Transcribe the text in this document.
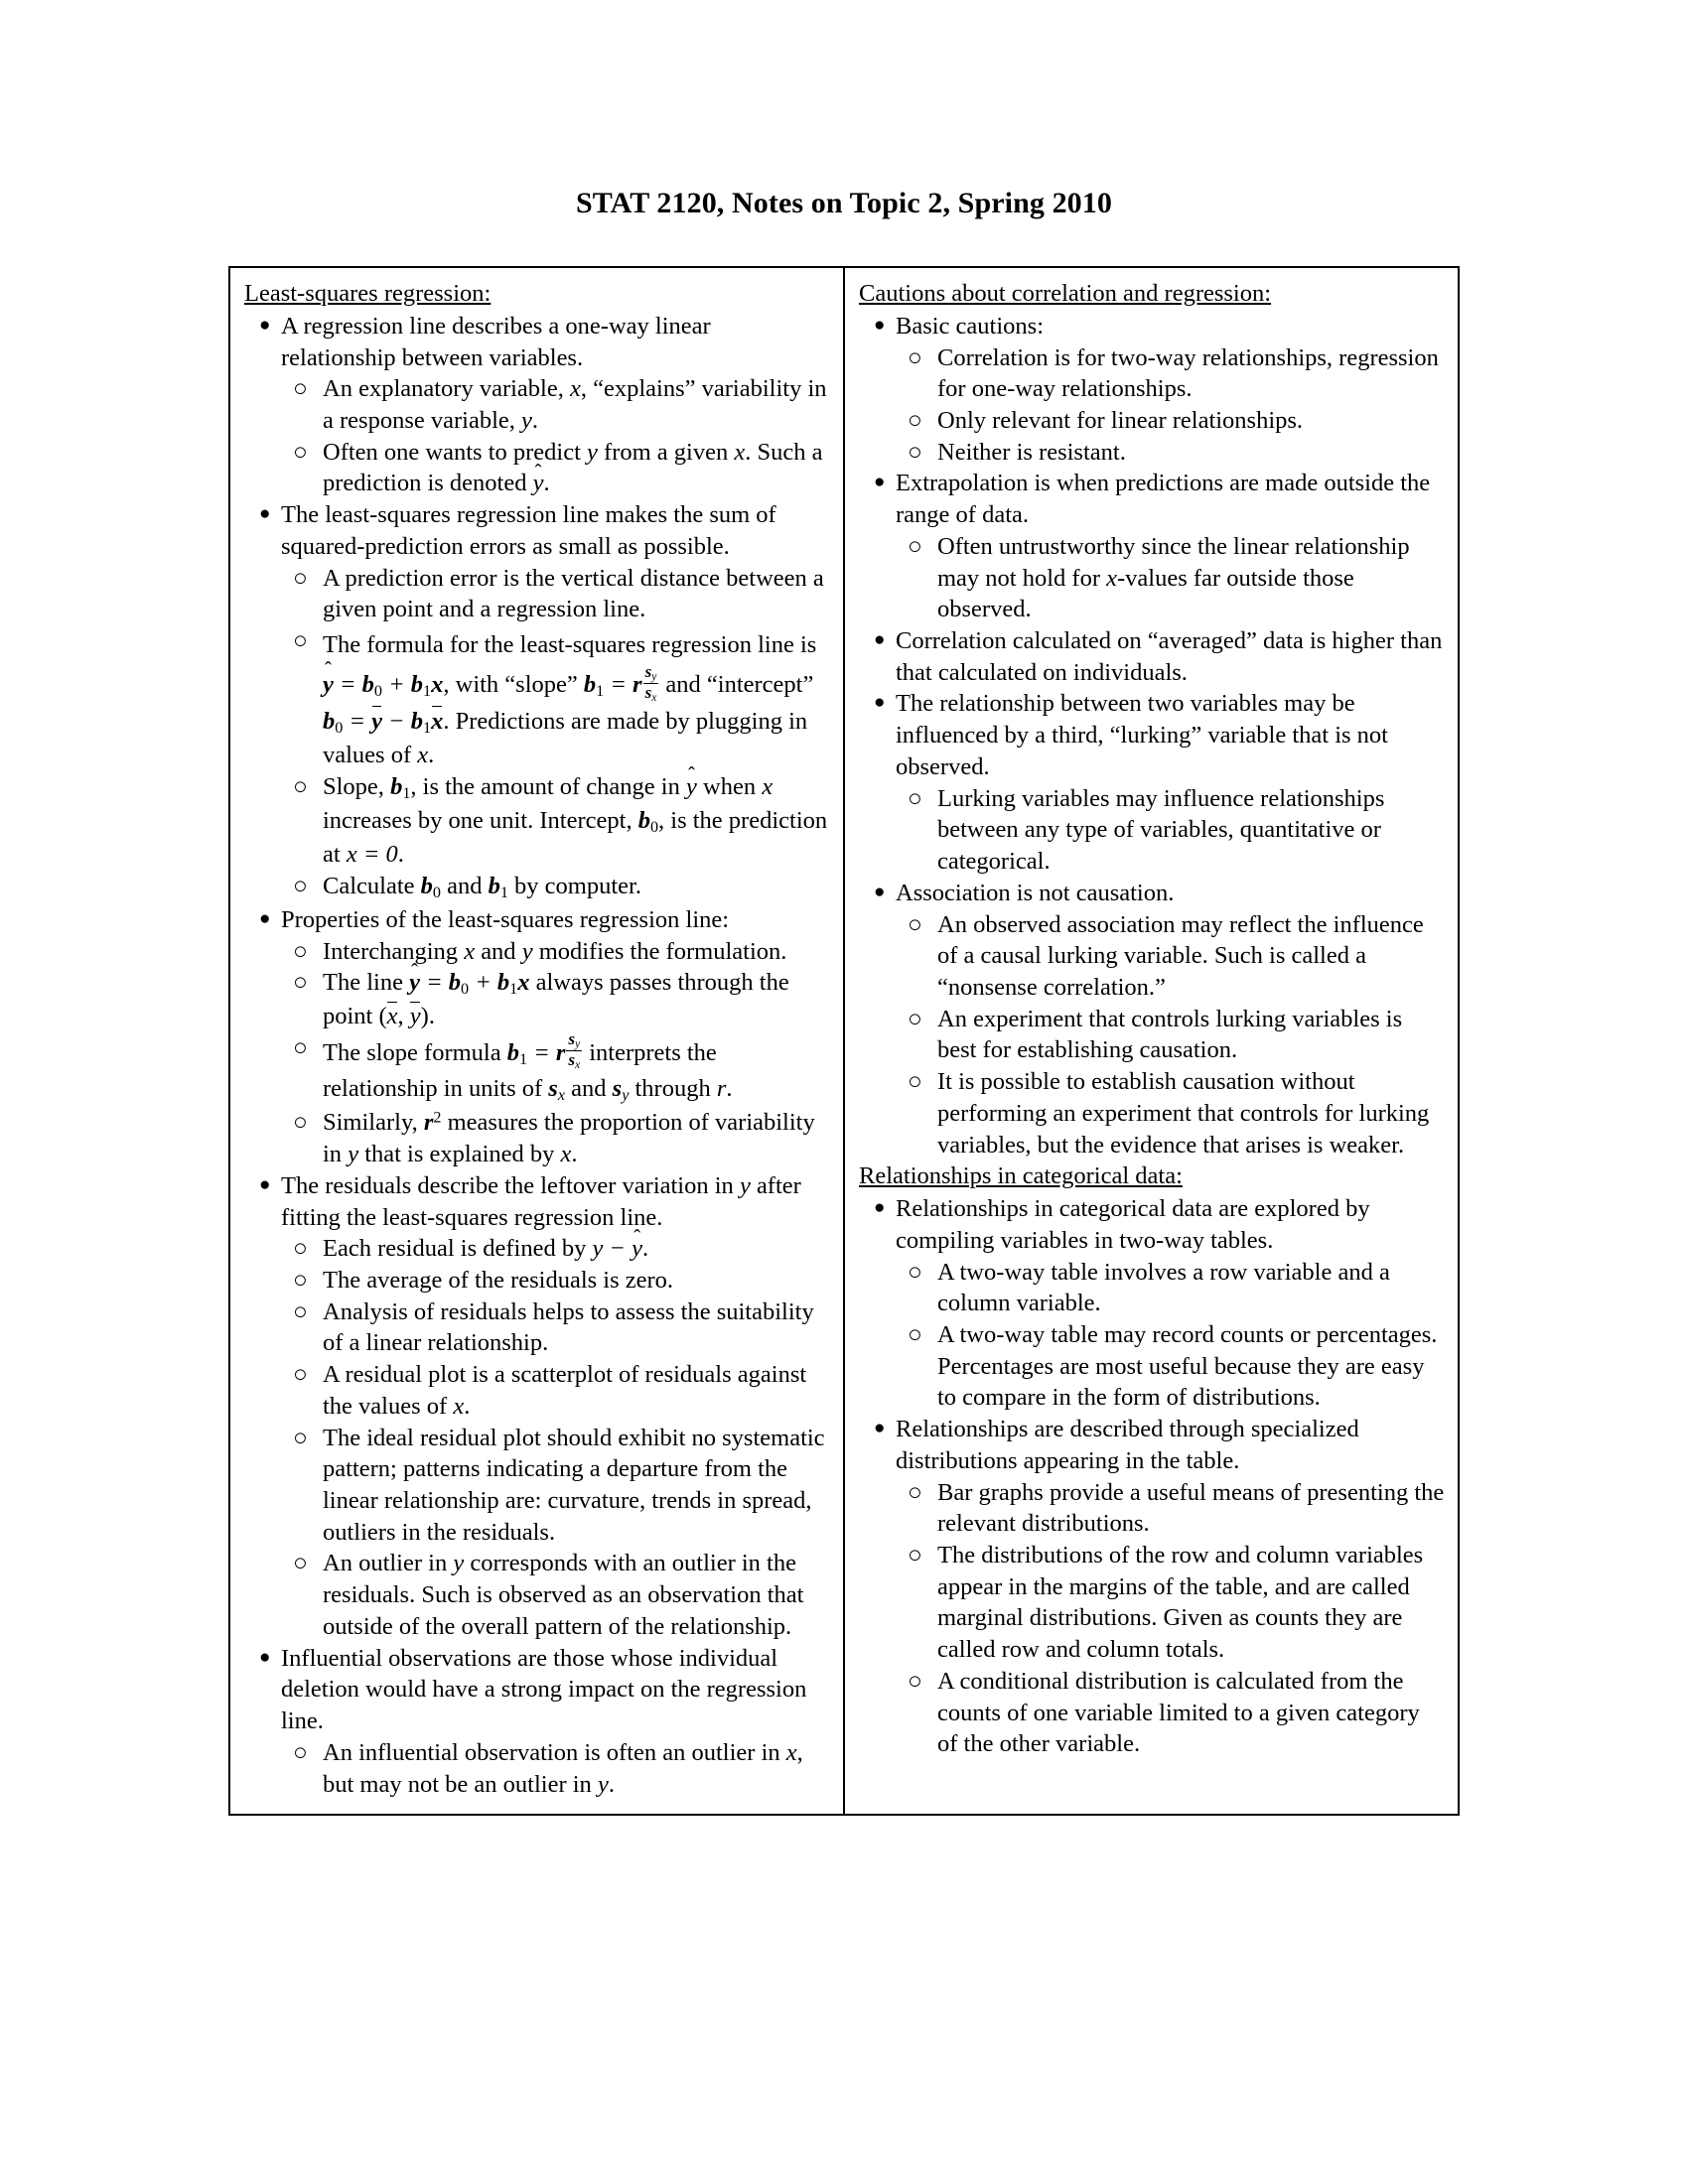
STAT 2120, Notes on Topic 2, Spring 2010
Least-squares regression:
● A regression line describes a one-way linear relationship between variables.
○ An explanatory variable, x, “explains” variability in a response variable, y.
○ Often one wants to predict y from a given x. Such a prediction is denoted
y.
● The least-squares regression line makes the sum of squared-prediction errors as small as possible.
○ A prediction error is the vertical distance between a given point and a regression line.
○ The formula for the least-squares regression line is
$y = b_0 + b_1x$, with “slope” $b_1 = r \frac{s_y}{s_x}$ and “intercept” $b_0 = y - b_1$
x. Predictions are made by plugging in values of x.
○ Slope, $b_1$, is the amount of change in
y when x increases by one unit. Intercept, $b_0$, is the prediction at x = 0.
○ Calculate $b_0$ and $b_1$ by computer.
● Properties of the least-squares regression line:
○ Interchanging x and y modifies the formulation.
○ The line
$y = b_0 + b_1x$ always passes through the point (
x,
y).
○ The slope formula $b_1 = r \frac{s_y}{s_x}$ interprets the relationship in units of $s_x$ and $s_y$ through r.
○ Similarly, $r^2$ measures the proportion of variability in y that is explained by x.
● The residuals describe the leftover variation in y after fitting the least-squares regression line.
○ Each residual is defined by y − y.
○ The average of the residuals is zero.
○ Analysis of residuals helps to assess the suitability of a linear relationship.
○ A residual plot is a scatterplot of residuals against the values of x.
○ The ideal residual plot should exhibit no systematic pattern; patterns indicating a departure from the linear relationship are: curvature, trends in spread, outliers in the residuals.
○ An outlier in y corresponds with an outlier in the residuals. Such is observed as an observation that outside of the overall pattern of the relationship.
● Influential observations are those whose individual deletion would have a strong impact on the regression line.
○ An influential observation is often an outlier in x, but may not be an outlier in y.
Cautions about correlation and regression:
● Basic cautions:
○ Correlation is for two-way relationships, regression for one-way relationships.
○ Only relevant for linear relationships.
○ Neither is resistant.
● Extrapolation is when predictions are made outside the range of data.
○ Often untrustworthy since the linear relationship may not hold for x-values far outside those observed.
● Correlation calculated on “averaged” data is higher than that calculated on individuals.
● The relationship between two variables may be influenced by a third, “lurking” variable that is not observed.
○ Lurking variables may influence relationships between any type of variables, quantitative or categorical.
● Association is not causation.
○ An observed association may reflect the influence of a causal lurking variable. Such is called a “nonsense correlation.”
○ An experiment that controls lurking variables is best for establishing causation.
○ It is possible to establish causation without performing an experiment that controls for lurking variables, but the evidence that arises is weaker.
Relationships in categorical data:
● Relationships in categorical data are explored by compiling variables in two-way tables.
○ A two-way table involves a row variable and a column variable.
○ A two-way table may record counts or percentages. Percentages are most useful because they are easy to compare in the form of distributions.
● Relationships are described through specialized distributions appearing in the table.
○ Bar graphs provide a useful means of presenting the relevant distributions.
○ The distributions of the row and column variables appear in the margins of the table, and are called marginal distributions. Given as counts they are called row and column totals.
○ A conditional distribution is calculated from the counts of one variable limited to a given category of the other variable.
